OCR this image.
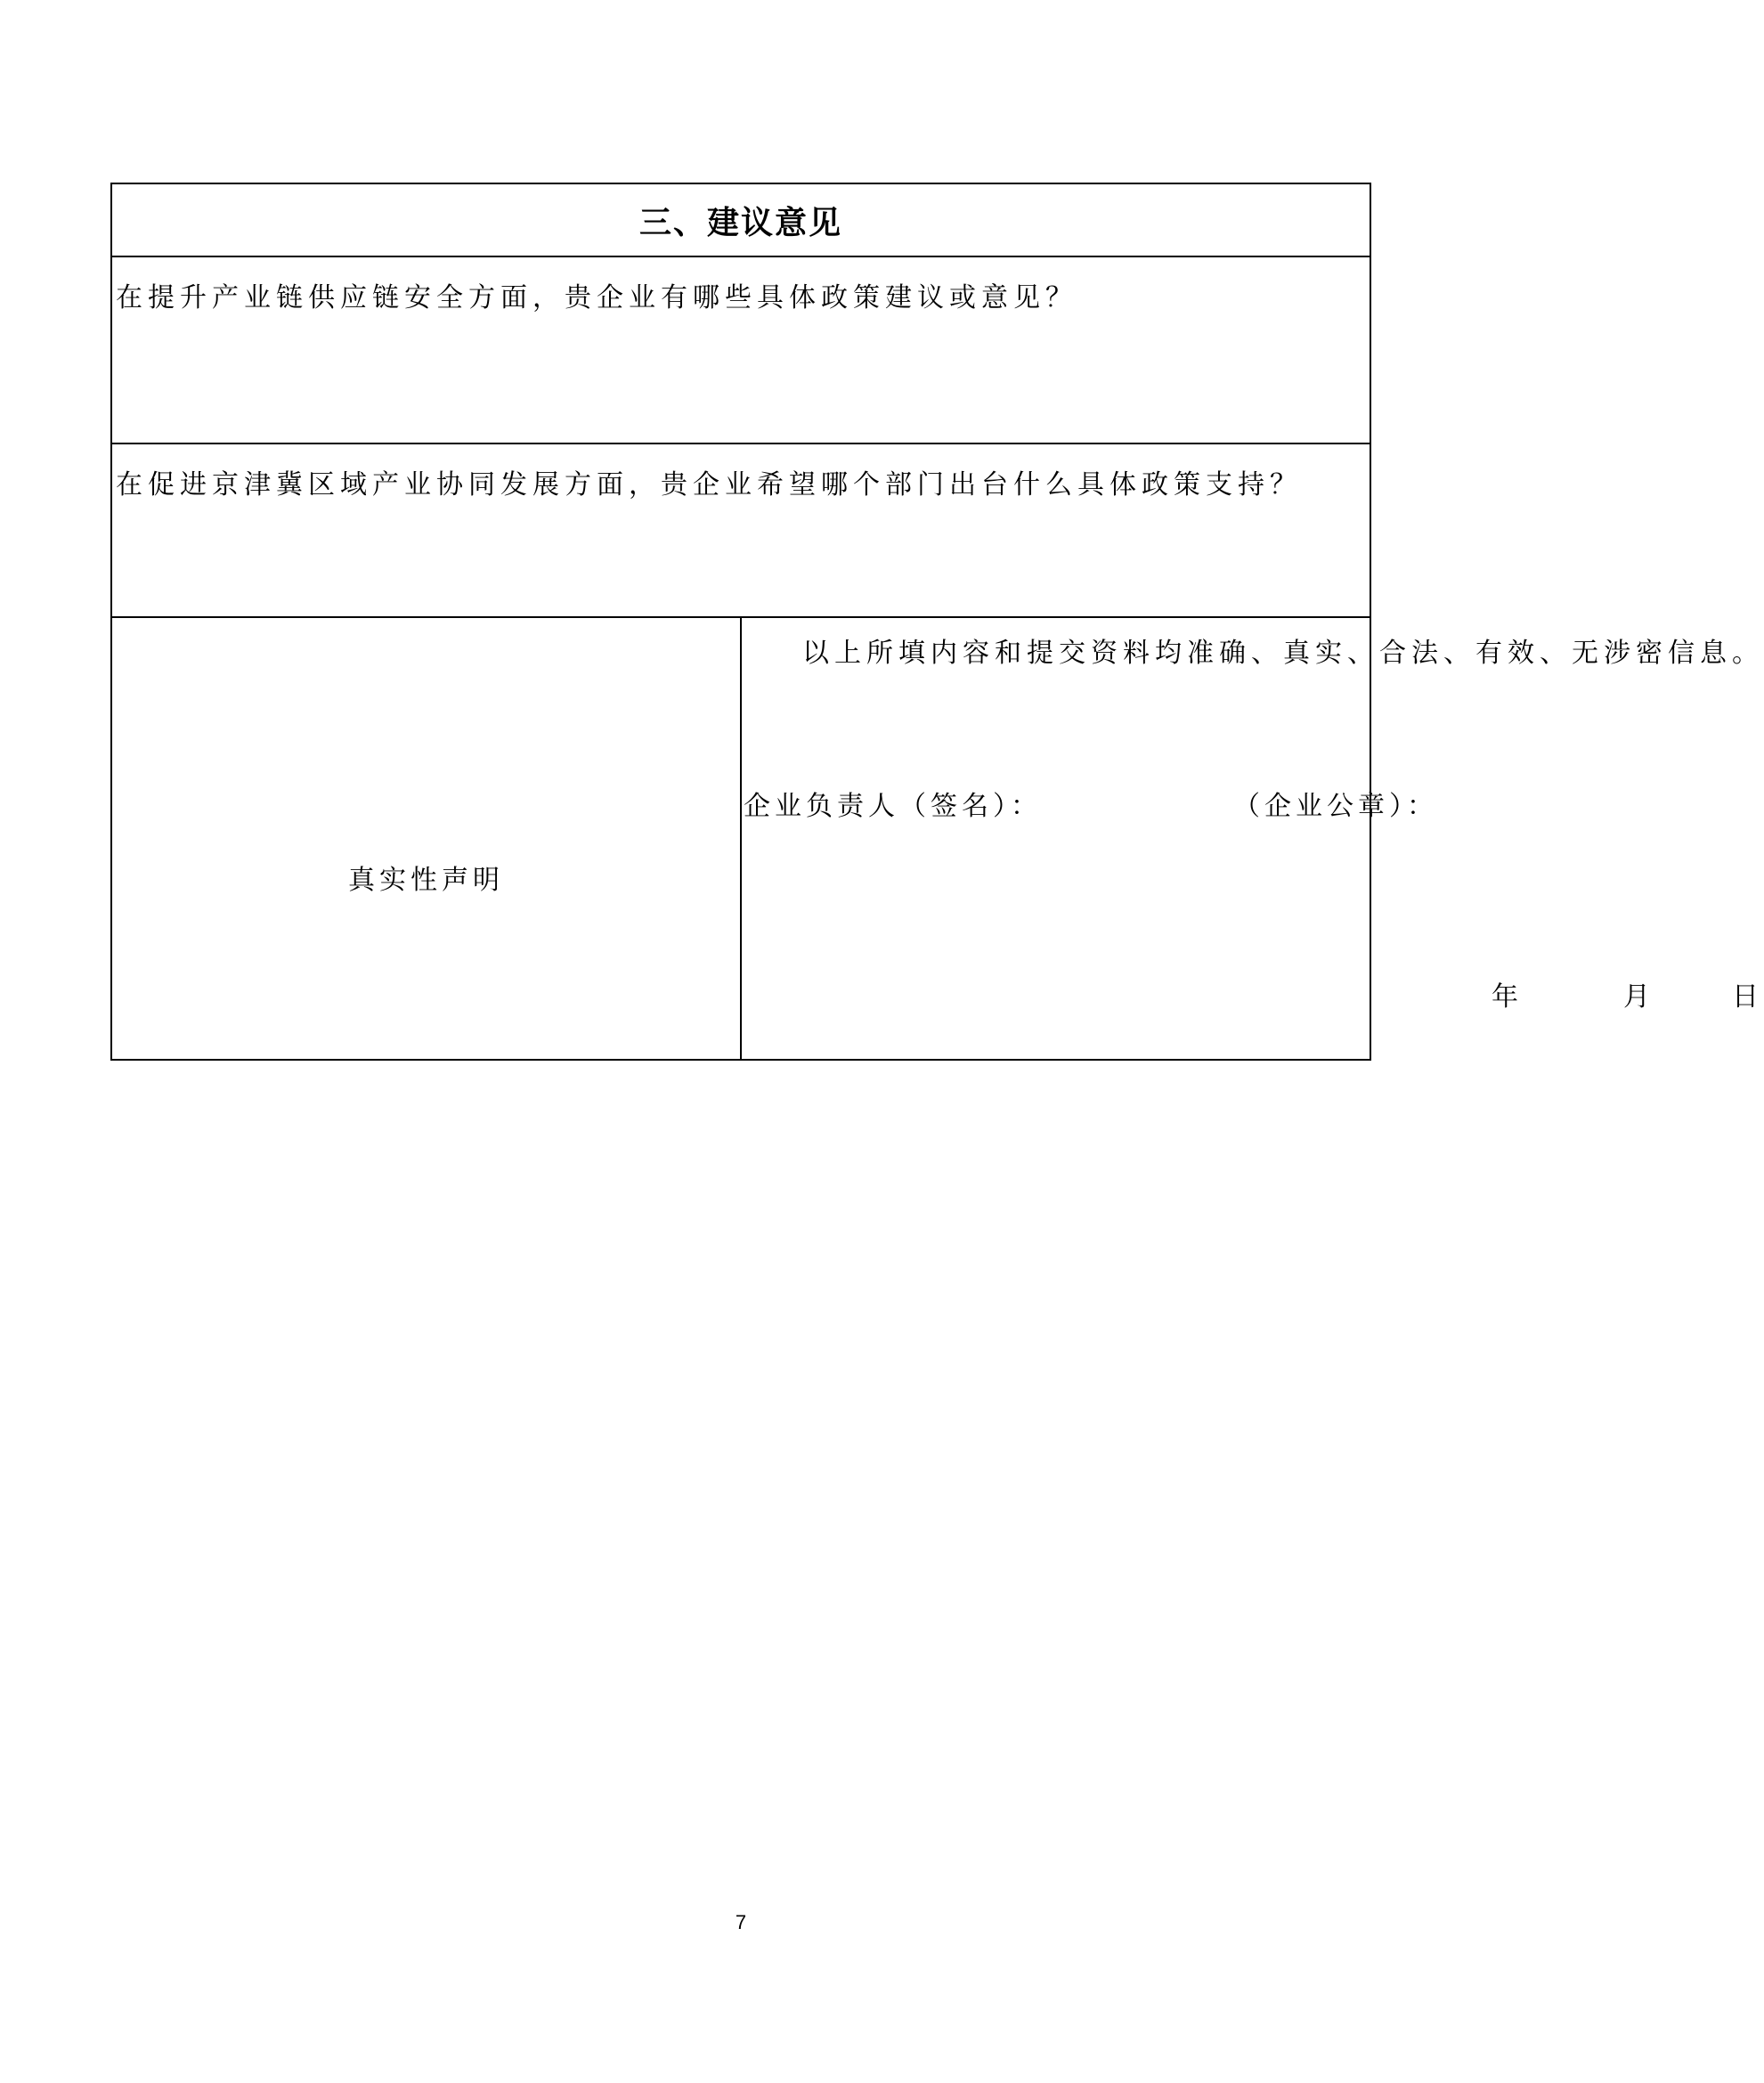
三、建议意见

在提升产业链供应链安全方面，贵企业有哪些具体政策建议或意见？

在促进京津冀区域产业协同发展方面，贵企业希望哪个部门出台什么具体政策支持？

真实性声明	
以上所填内容和提交资料均准确、真实、合法、有效、无涉密信息。
企业负责人（签名）：	（企业公章）：
年	月	日
7
